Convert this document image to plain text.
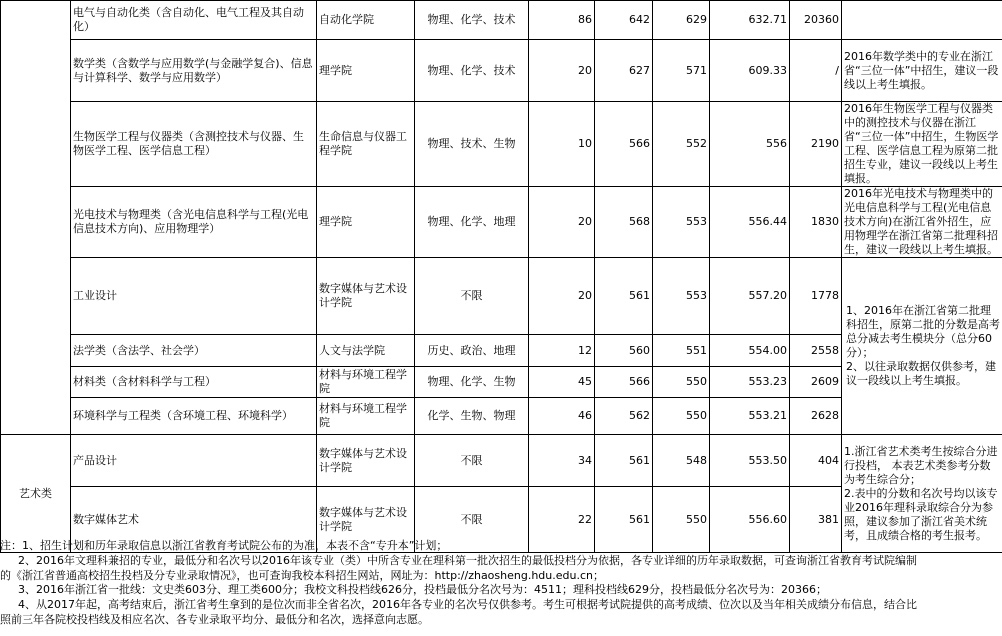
	电气与自动化类（含自动化、电气工程及其自动化）	自动化学院	物理、化学、技术	86	642	629	632.71	20360	
	数学类（含数学与应用数学(与金融学复合)、信息与计算科学、数学与应用数学）	理学院	物理、化学、技术	20	627	571	609.33	/	2016年数学类中的专业在浙江省“三位一体”中招生，建议一段线以上考生填报。
	生物医学工程与仪器类（含测控技术与仪器、生物医学工程、医学信息工程）	生命信息与仪器工程学院	物理、技术、生物	10	566	552	556	2190	2016年生物医学工程与仪器类中的测控技术与仪器在浙江省“三位一体”中招生，生物医学工程、医学信息工程为原第二批招生专业，建议一段线以上考生填报。
	光电技术与物理类（含光电信息科学与工程(光电信息技术方向)、应用物理学）	理学院	物理、化学、地理	20	568	553	556.44	1830	2016年光电技术与物理类中的光电信息科学与工程(光电信息技术方向)在浙江省外招生，应用物理学在浙江省第二批理科招生，建议一段线以上考生填报。
	工业设计	数字媒体与艺术设计学院	不限	20	561	553	557.20	1778	1、2016年在浙江省第二批理科招生，原第二批的分数是高考总分减去考生模块分（总分60分）；
2、以往录取数据仅供参考，建议一段线以上考生填报。
	法学类（含法学、社会学）	人文与法学院	历史、政治、地理	12	560	551	554.00	2558	
	材料类（含材料科学与工程）	材料与环境工程学院	物理、化学、生物	45	566	550	553.23	2609	
	环境科学与工程类（含环境工程、环境科学）	材料与环境工程学院	化学、生物、物理	46	562	550	553.21	2628	
艺术类	产品设计	数字媒体与艺术设计学院	不限	34	561	548	553.50	404	1.浙江省艺术类考生按综合分进行投档， 本表艺术类参考分数为考生综合分；
2.表中的分数和名次号均以该专业2016年理科录取综合分为参照，建议参加了浙江省美术统考，且成绩合格的考生报考。
	数字媒体艺术	数字媒体与艺术设计学院	不限	22	561	550	556.60	381	
注：1、招生计划和历年录取信息以浙江省教育考试院公布的为准，本表不含“专升本”计划；
2、2016年文理科兼招的专业，最低分和名次号以2016年该专业（类）中所含专业在理科第一批次招生的最低投档分为依据，各专业详细的历年录取数据，可查询浙江省教育考试院编制
的《浙江省普通高校招生投档及分专业录取情况》，也可查询我校本科招生网站，网址为：http://zhaosheng.hdu.edu.cn；
3、2016年浙江省一批线：文史类603分、理工类600分；我校文科投档线626分，投档最低分名次号为：4511；理科投档线629分，投档最低分名次号为：20366；
4、从2017年起，高考结束后，浙江省考生拿到的是位次而非全省名次，2016年各专业的名次号仅供参考。考生可根据考试院提供的高考成绩、位次以及当年相关成绩分布信息，结合比
照前三年各院校投档线及相应名次、各专业录取平均分、最低分和名次，选择意向志愿。
